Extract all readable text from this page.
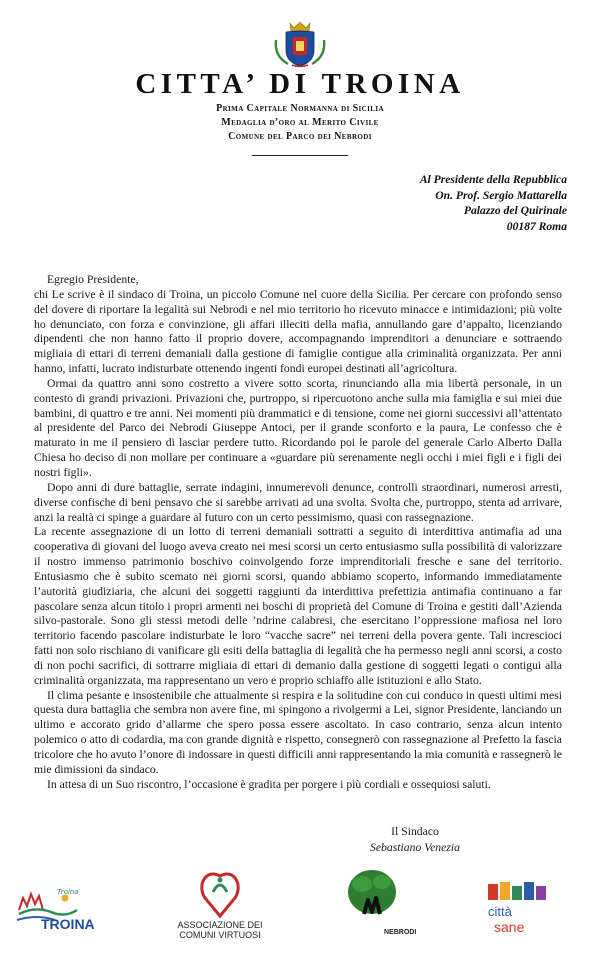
CITTA’ DI TROINA
Prima Capitale Normanna di Sicilia
Medaglia d’oro al Merito Civile
Comune del Parco dei Nebrodi
Al Presidente della Repubblica
On. Prof. Sergio Mattarella
Palazzo del Quirinale
00187 Roma

Egregio Presidente,

chi Le scrive è il sindaco di Troina, un piccolo Comune nel cuore della Sicilia. Per cercare con profondo senso del dovere di riportare la legalità sui Nebrodi e nel mio territorio ho ricevuto minacce e intimidazioni; più volte ho denunciato, con forza e convinzione, gli affari illeciti della mafia, annullando gare d’appalto, licenziando dipendenti che non hanno fatto il proprio dovere, accompagnando imprenditori a denunciare e sottraendo migliaia di ettari di terreni demaniali dalla gestione di famiglie contigue alla criminalità organizzata. Per anni hanno, infatti, lucrato indisturbate ottenendo ingenti fondi europei destinati all’agricoltura.

Ormai da quattro anni sono costretto a vivere sotto scorta, rinunciando alla mia libertà personale, in un contesto di grandi privazioni. Privazioni che, purtroppo, si ripercuotono anche sulla mia famiglia e sui miei due bambini, di quattro e tre anni. Nei momenti più drammatici e di tensione, come nei giorni successivi all’attentato al presidente del Parco dei Nebrodi Giuseppe Antoci, per il grande sconforto e la paura, Le confesso che è maturato in me il pensiero di lasciar perdere tutto. Ricordando poi le parole del generale Carlo Alberto Dalla Chiesa ho deciso di non mollare per continuare a «guardare più serenamente negli occhi i miei figli e i figli dei nostri figli».

Dopo anni di dure battaglie, serrate indagini, innumerevoli denunce, controlli straordinari, numerosi arresti, diverse confische di beni pensavo che si sarebbe arrivati ad una svolta. Svolta che, purtroppo, stenta ad arrivare, anzi la realtà ci spinge a guardare al futuro con un certo pessimismo, quasi con rassegnazione.

La recente assegnazione di un lotto di terreni demaniali sottratti a seguito di interdittiva antimafia ad una cooperativa di giovani del luogo aveva creato nei mesi scorsi un certo entusiasmo sulla possibilità di valorizzare il nostro immenso patrimonio boschivo coinvolgendo forze imprenditoriali fresche e sane del territorio. Entusiasmo che è subito scemato nei giorni scorsi, quando abbiamo scoperto, informando immediatamente l’autorità giudiziaria, che alcuni dei soggetti raggiunti da interdittiva prefettizia antimafia continuano a far pascolare senza alcun titolo i propri armenti nei boschi di proprietà del Comune di Troina e gestiti dall’Azienda silvo-pastorale. Sono gli stessi metodi delle ’ndrine calabresi, che esercitano l’oppressione mafiosa nel loro territorio facendo pascolare indisturbate le loro “vacche sacre” nei terreni della povera gente. Tali increscioci fatti non solo rischiano di vanificare gli esiti della battaglia di legalità che ha permesso negli anni scorsi, a costo di non pochi sacrifici, di sottrarre migliaia di ettari di demanio dalla gestione di soggetti legati o contigui alla criminalità organizzata, ma rappresentano un vero e proprio schiaffo alle istituzioni e allo Stato.

Il clima pesante e insostenibile che attualmente si respira e la solitudine con cui conduco in questi ultimi mesi questa dura battaglia che sembra non avere fine, mi spingono a rivolgermi a Lei, signor Presidente, lanciando un ultimo e accorato grido d’allarme che spero possa essere ascoltato. In caso contrario, senza alcun intento polemico o atto di codardia, ma con grande dignità e rispetto, consegnerò con rassegnazione al Prefetto la fascia tricolore che ho avuto l’onore di indossare in questi difficili anni rappresentando la mia comunità e rassegnerò le mie dimissioni da sindaco.

In attesa di un Suo riscontro, l’occasione è gradita per porgere i più cordiali e ossequiosi saluti.

Il Sindaco
Sebastiano Venezia
Troina
TROINA	ASSOCIAZIONE DEI
COMUNI VIRTUOSI	NEBRODI
città
sane
